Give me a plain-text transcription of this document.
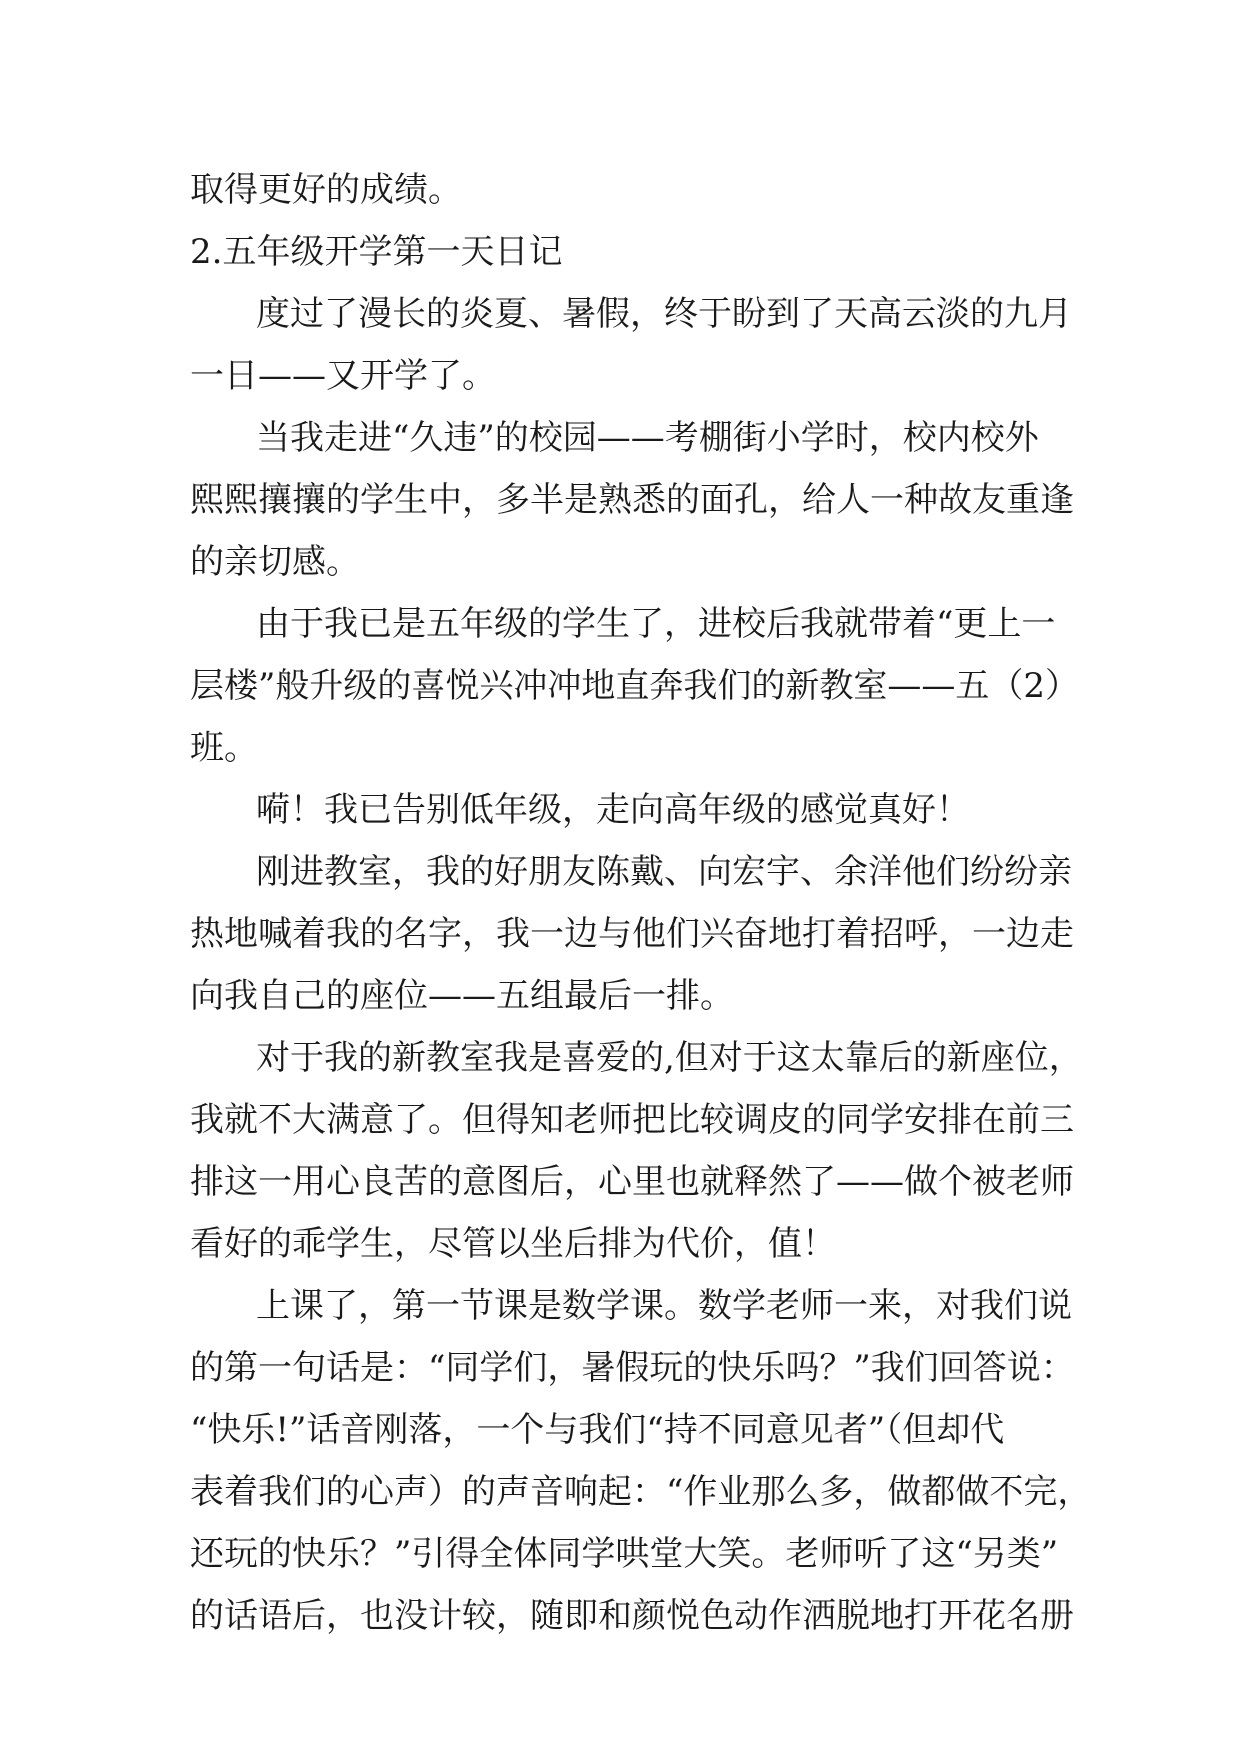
取得更好的成绩。
2.五年级开学第一天日记
度过了漫长的炎夏、暑假，终于盼到了天高云淡的九月
一日——又开学了。
当我走进“久违”的校园——考棚街小学时，校内校外
熙熙攘攘的学生中，多半是熟悉的面孔，给人一种故友重逢
的亲切感。
由于我已是五年级的学生了，进校后我就带着“更上一
层楼”般升级的喜悦兴冲冲地直奔我们的新教室——五（2）
班。
嗬！我已告别低年级，走向高年级的感觉真好！
刚进教室，我的好朋友陈戴、向宏宇、余洋他们纷纷亲
热地喊着我的名字，我一边与他们兴奋地打着招呼，一边走
向我自己的座位——五组最后一排。
对于我的新教室我是喜爱的,但对于这太靠后的新座位，
我就不大满意了。但得知老师把比较调皮的同学安排在前三
排这一用心良苦的意图后，心里也就释然了——做个被老师
看好的乖学生，尽管以坐后排为代价，值！
上课了，第一节课是数学课。数学老师一来，对我们说
的第一句话是：“同学们，暑假玩的快乐吗？”我们回答说：
“快乐!”话音刚落，一个与我们“持不同意见者”（但却代
表着我们的心声）的声音响起：“作业那么多，做都做不完，
还玩的快乐？”引得全体同学哄堂大笑。老师听了这“另类”
的话语后，也没计较，随即和颜悦色动作洒脱地打开花名册
